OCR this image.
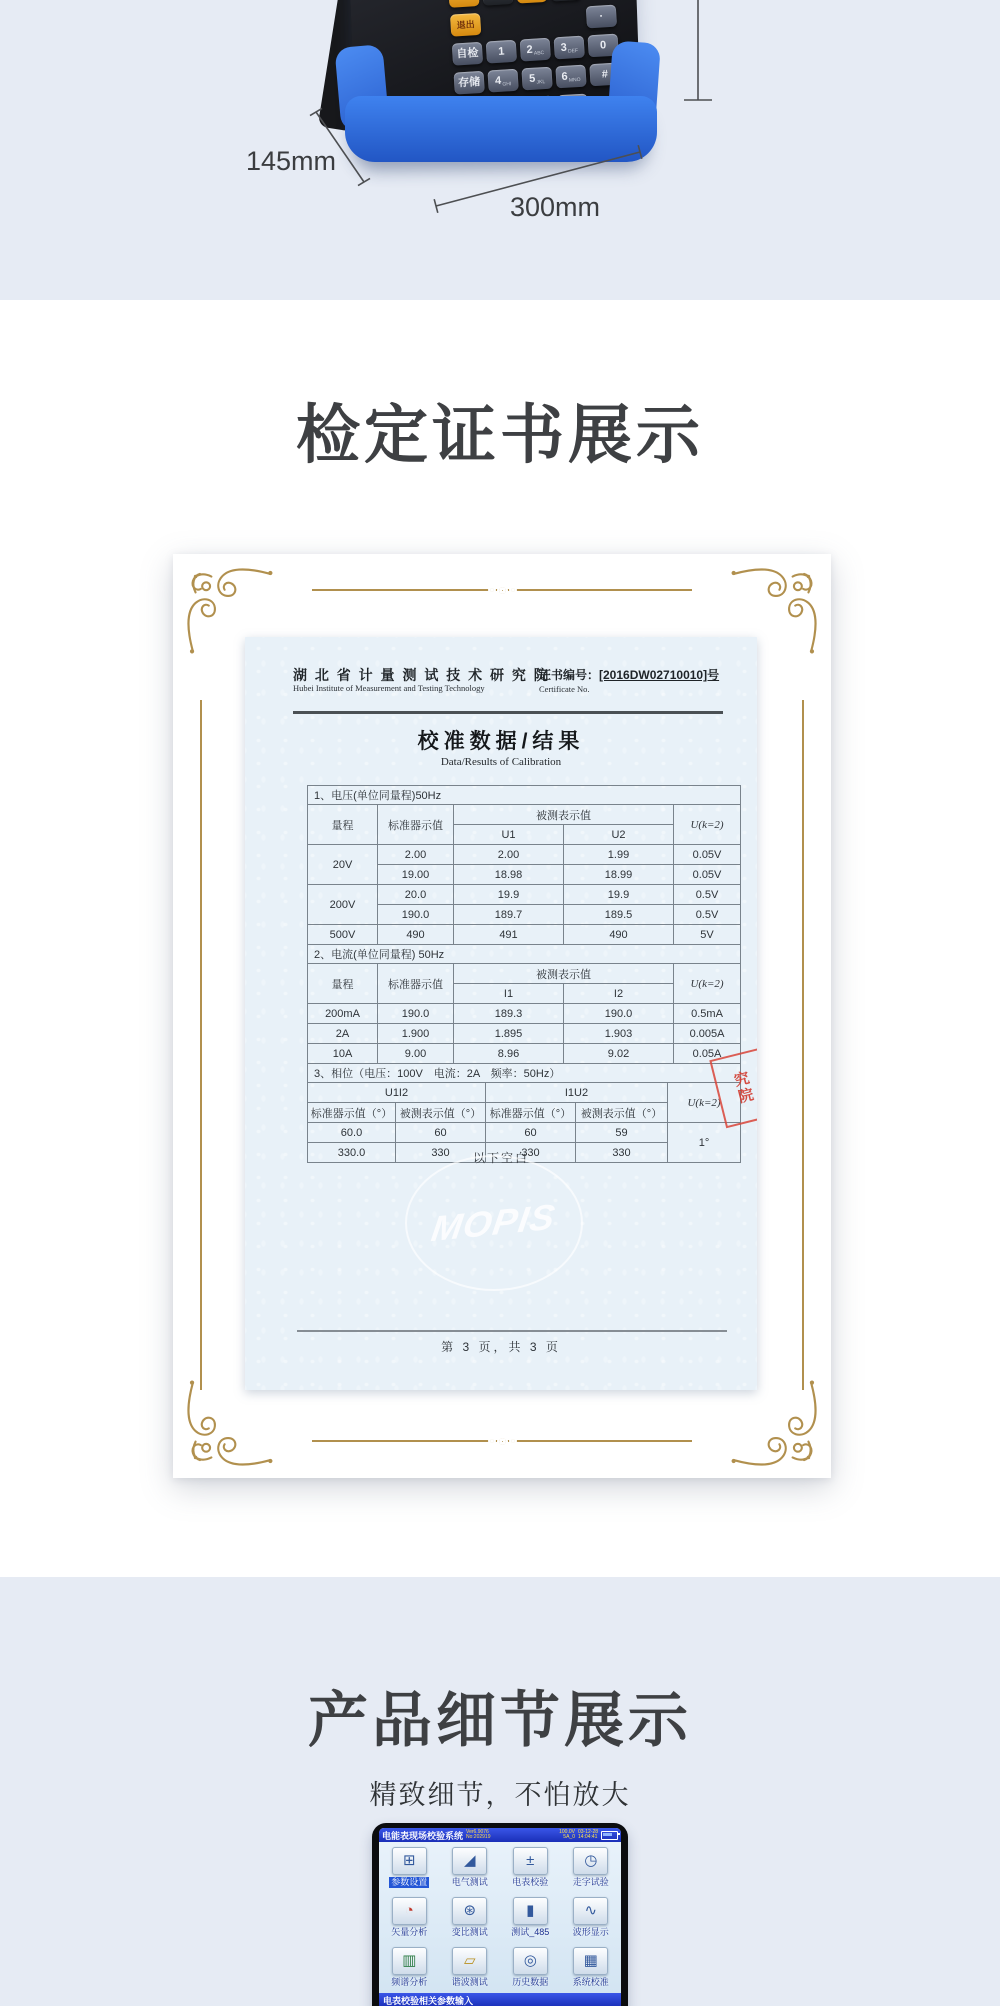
退出
·
自检 1 2 ABC 3 DEF 0
存储 4 GHI 5 JKL 6 MNO #
145mm
300mm
检定证书展示
湖 北 省 计 量 测 试 技 术 研 究 院
Hubei Institute of Measurement and Testing Technology
证书编号：[2016DW02710010]号
Certificate No.
校准数据/结果
Data/Results of Calibration
1、电压(单位同量程)50Hz				
量程	标准器示值	被测表示值		U(k=2)
		U1	U2	
20V	2.00	2.00	1.99	0.05V
	19.00	18.98	18.99	0.05V
200V	20.0	19.9	19.9	0.5V
	190.0	189.7	189.5	0.5V
500V	490	491	490	5V
2、电流(单位同量程) 50Hz				
量程	标准器示值	被测表示值		U(k=2)
		I1	I2	
200mA	190.0	189.3	190.0	0.5mA
2A	1.900	1.895	1.903	0.005A
10A	9.00	8.96	9.02	0.05A
3、相位（电压：100V　电流：2A　频率：50Hz）				
U1I2		I1U2		U(k=2)
标准器示值（°）	被测表示值（°）	标准器示值（°）	被测表示值（°）	
60.0	60	60	59	1°
330.0	330	330	330	
以下空白
MOPIS
究院
第 3 页，共 3 页
产品细节展示

精致细节，不怕放大

电能表现场校验系统 Ver6.9076
No:202919
100.0V
5A_0
03-12-28
14:04:41
⊞
参数设置
◢
电气测试
±
电表校验
◷
走字试验
◔
矢量分析
⊛
变比测试
▮
测试_485
∿
波形显示
▥
频谱分析
▱
谐波测试
◎
历史数据
▦
系统校准
电表校验相关参数输入
